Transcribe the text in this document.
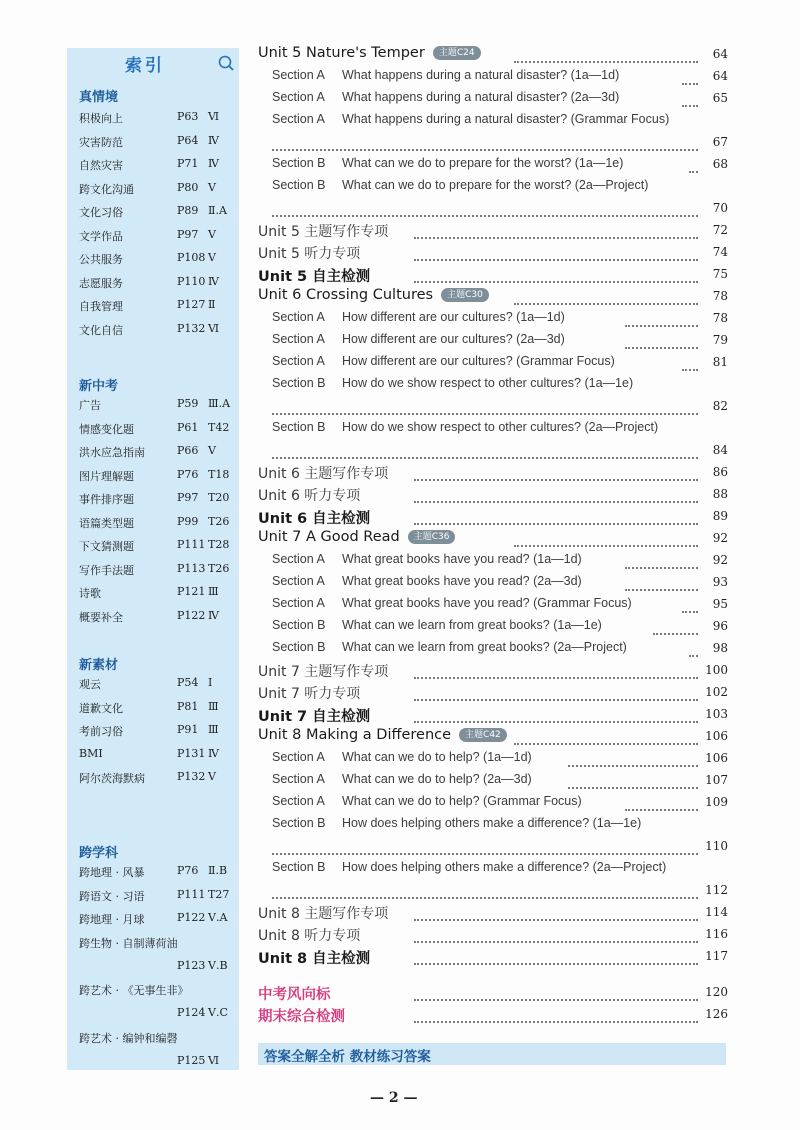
索引
真情境
积极向上	P63 Ⅵ
灾害防范	P64 Ⅳ
自然灾害	P71 Ⅳ
跨文化沟通	P80 Ⅴ
文化习俗	P89 Ⅱ.A
文学作品	P97 Ⅴ
公共服务	P108 Ⅴ
志愿服务	P110 Ⅳ
自我管理	P127 Ⅱ
文化自信	P132 Ⅵ
新中考
广告	P59 Ⅲ.A
情感变化题	P61 T42
洪水应急指南	P66 Ⅴ
图片理解题	P76 T18
事件排序题	P97 T20
语篇类型题	P99 T26
下文猜测题	P111 T28
写作手法题	P113 T26
诗歌	P121 Ⅲ
概要补全	P122 Ⅳ
新素材
观云	P54 Ⅰ
道歉文化	P81 Ⅲ
考前习俗	P91 Ⅲ
BMI	P131 Ⅳ
阿尔茨海默病	P132 Ⅴ
跨学科
跨地理 · 风暴	P76 Ⅱ.B
跨语文 · 习语	P111 T27
跨地理 · 月球	P122 Ⅴ.A
跨生物 · 自制薄荷油
P123 Ⅴ.B
跨艺术 · 《无事生非》
P124 Ⅴ.C
跨艺术 · 编钟和编磬
P125 Ⅵ
Unit 5 Nature's Temper 主题C24	64
Section A What happens during a natural disaster? (1a—1d)	64
Section A What happens during a natural disaster? (2a—3d)	65
Section A What happens during a natural disaster? (Grammar Focus)
67
Section B What can we do to prepare for the worst? (1a—1e)	68
Section B What can we do to prepare for the worst? (2a—Project)
70
Unit 5 主题写作专项	72
Unit 5 听力专项	74
Unit 5 自主检测	75
Unit 6 Crossing Cultures 主题C30	78
Section A How different are our cultures? (1a—1d)	78
Section A How different are our cultures? (2a—3d)	79
Section A How different are our cultures? (Grammar Focus)	81
Section B How do we show respect to other cultures? (1a—1e)
82
Section B How do we show respect to other cultures? (2a—Project)
84
Unit 6 主题写作专项	86
Unit 6 听力专项	88
Unit 6 自主检测	89
Unit 7 A Good Read 主题C36	92
Section A What great books have you read? (1a—1d)	92
Section A What great books have you read? (2a—3d)	93
Section A What great books have you read? (Grammar Focus)	95
Section B What can we learn from great books? (1a—1e)	96
Section B What can we learn from great books? (2a—Project)	98
Unit 7 主题写作专项	100
Unit 7 听力专项	102
Unit 7 自主检测	103
Unit 8 Making a Difference 主题C42	106
Section A What can we do to help? (1a—1d)	106
Section A What can we do to help? (2a—3d)	107
Section A What can we do to help? (Grammar Focus)	109
Section B How does helping others make a difference? (1a—1e)
110
Section B How does helping others make a difference? (2a—Project)
112
Unit 8 主题写作专项	114
Unit 8 听力专项	116
Unit 8 自主检测	117
中考风向标	120
期末综合检测	126
答案全解全析 教材练习答案
— 2 —
